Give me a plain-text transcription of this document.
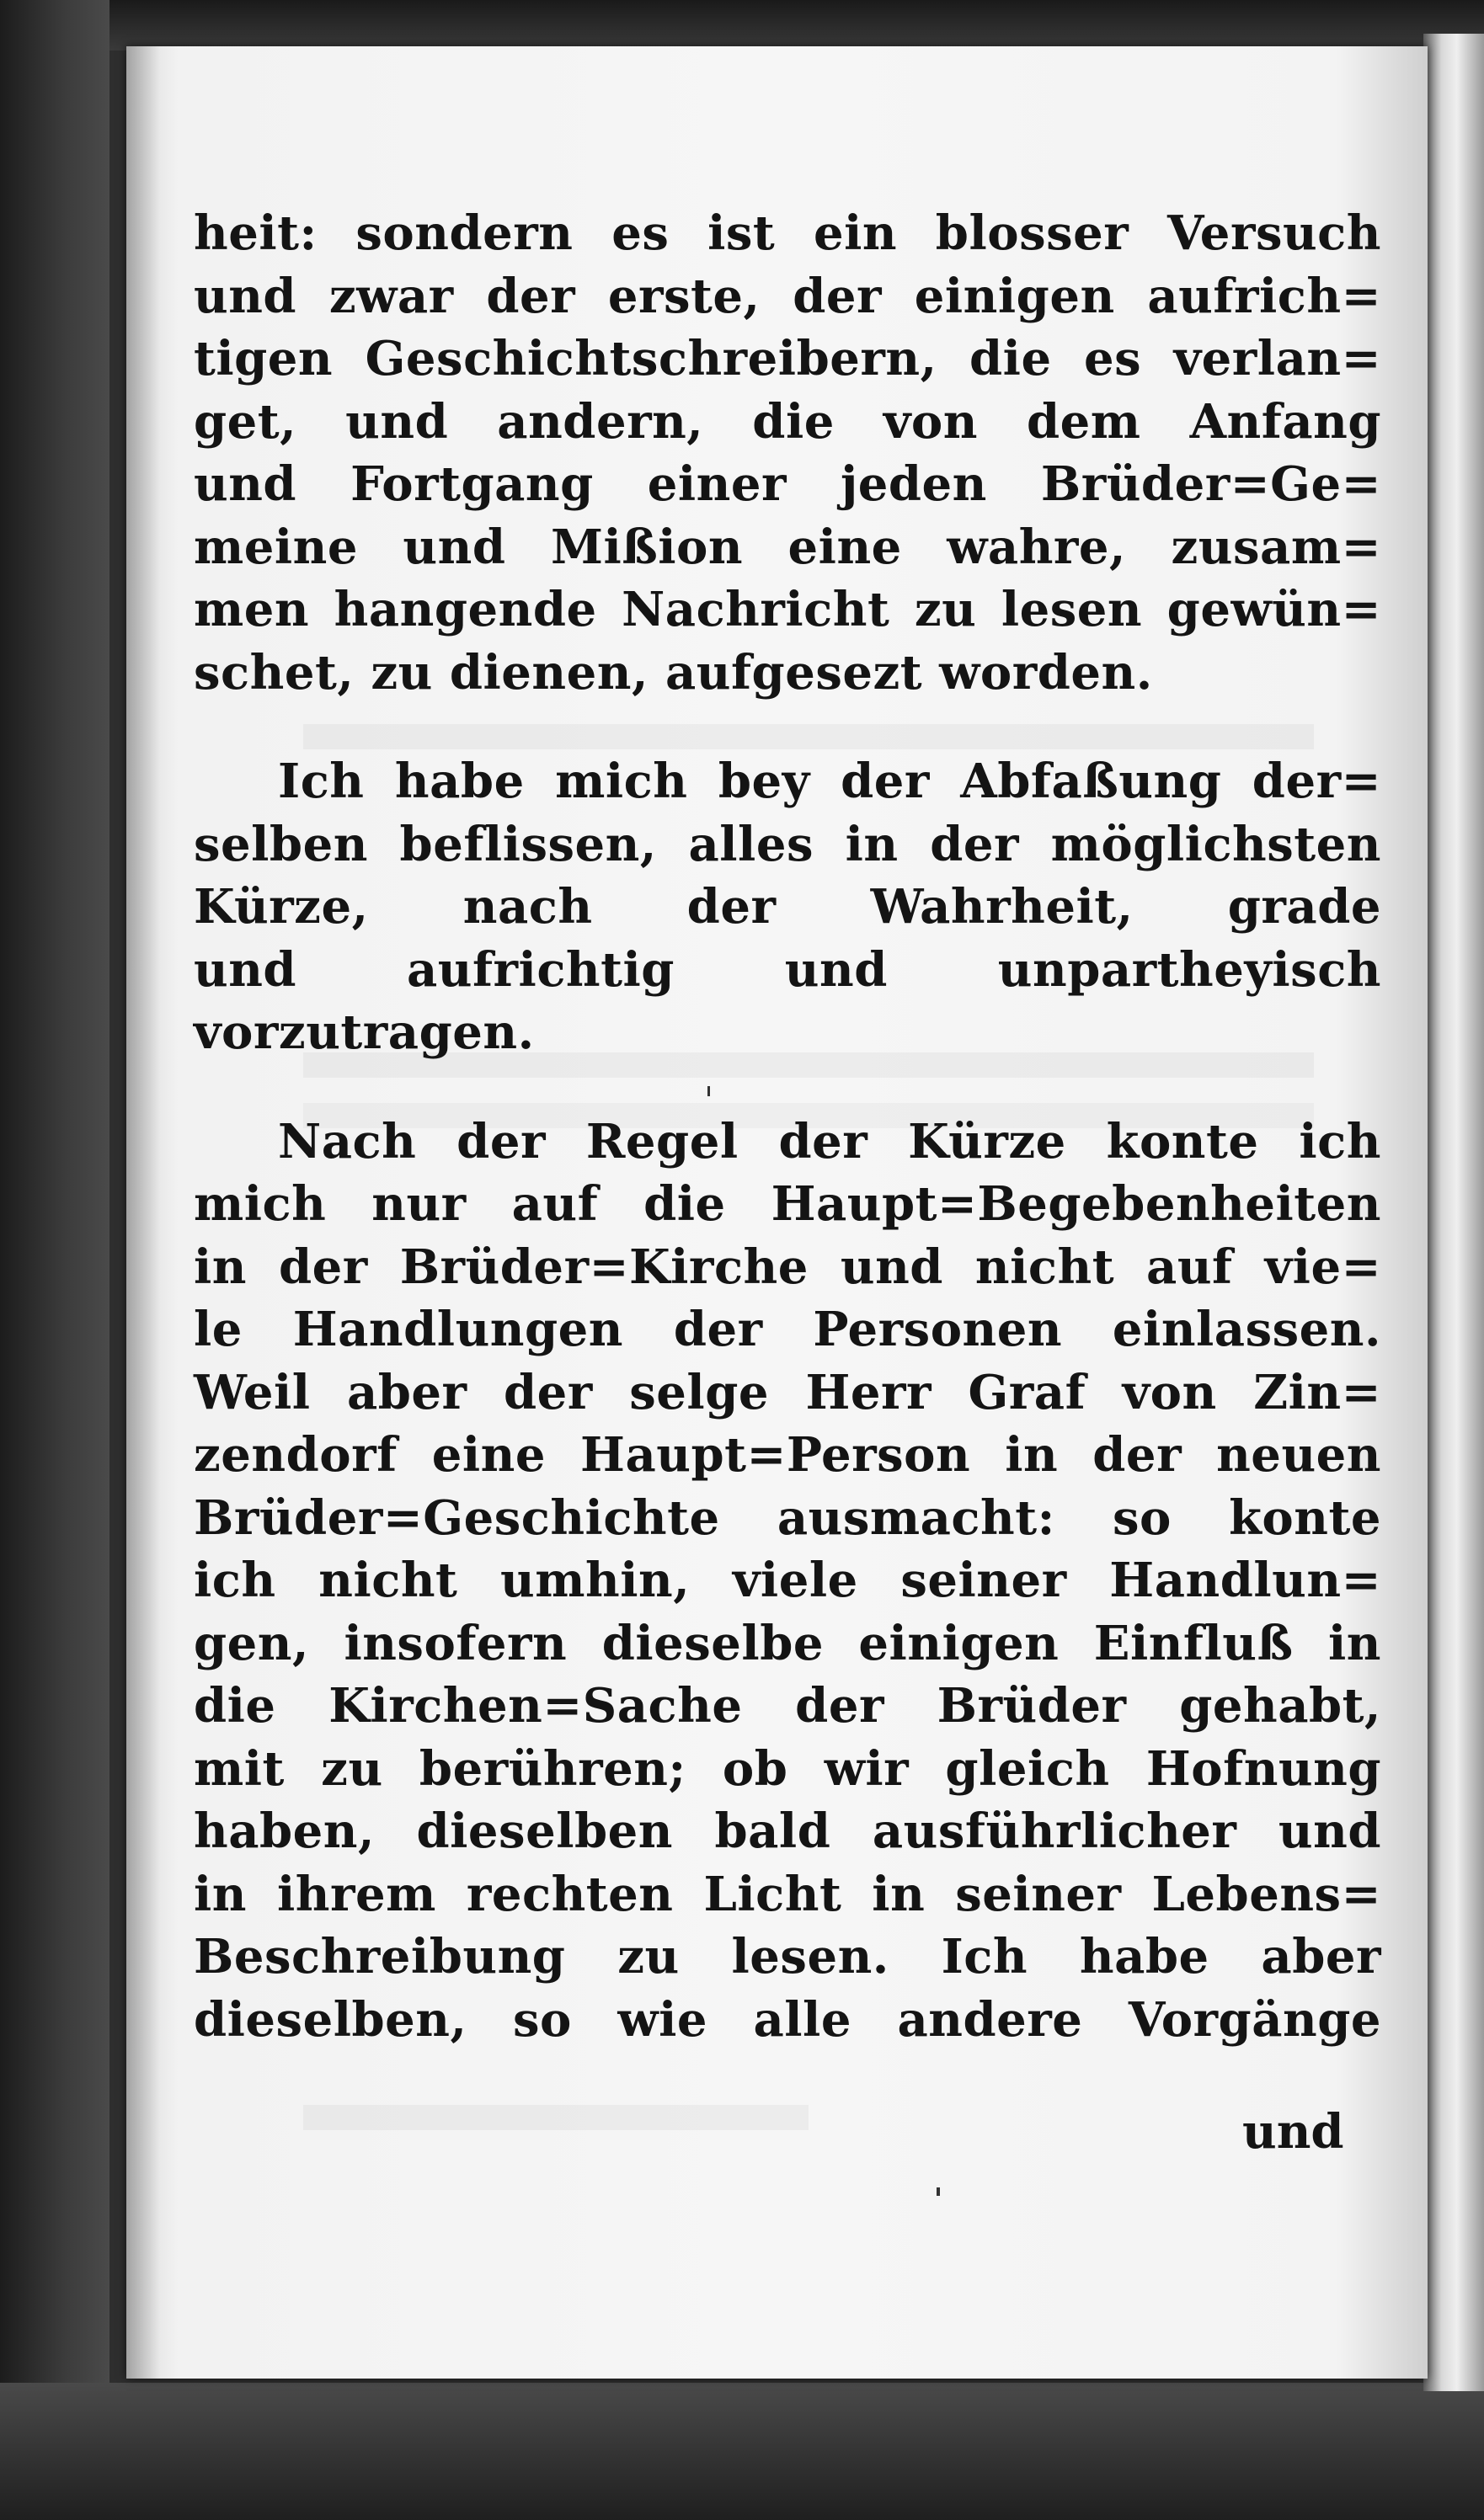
heit: sondern es ist ein blosser Versuch
und zwar der erste, der einigen aufrich=
tigen Geschichtschreibern, die es verlan=
get, und andern, die von dem Anfang
und Fortgang einer jeden Brüder=Ge=
meine und Mißion eine wahre, zusam=
men hangende Nachricht zu lesen gewün=
schet, zu dienen, aufgesezt worden.
Ich habe mich bey der Abfaßung der=
selben beflissen, alles in der möglichsten
Kürze, nach der Wahrheit, grade
und aufrichtig und unpartheyisch
vorzutragen.
Nach der Regel der Kürze konte ich
mich nur auf die Haupt=Begebenheiten
in der Brüder=Kirche und nicht auf vie=
le Handlungen der Personen einlassen.
Weil aber der selge Herr Graf von Zin=
zendorf eine Haupt=Person in der neuen
Brüder=Geschichte ausmacht: so konte
ich nicht umhin, viele seiner Handlun=
gen, insofern dieselbe einigen Einfluß in
die Kirchen=Sache der Brüder gehabt,
mit zu berühren; ob wir gleich Hofnung
haben, dieselben bald ausführlicher und
in ihrem rechten Licht in seiner Lebens=
Beschreibung zu lesen. Ich habe aber
dieselben, so wie alle andere Vorgänge
und
